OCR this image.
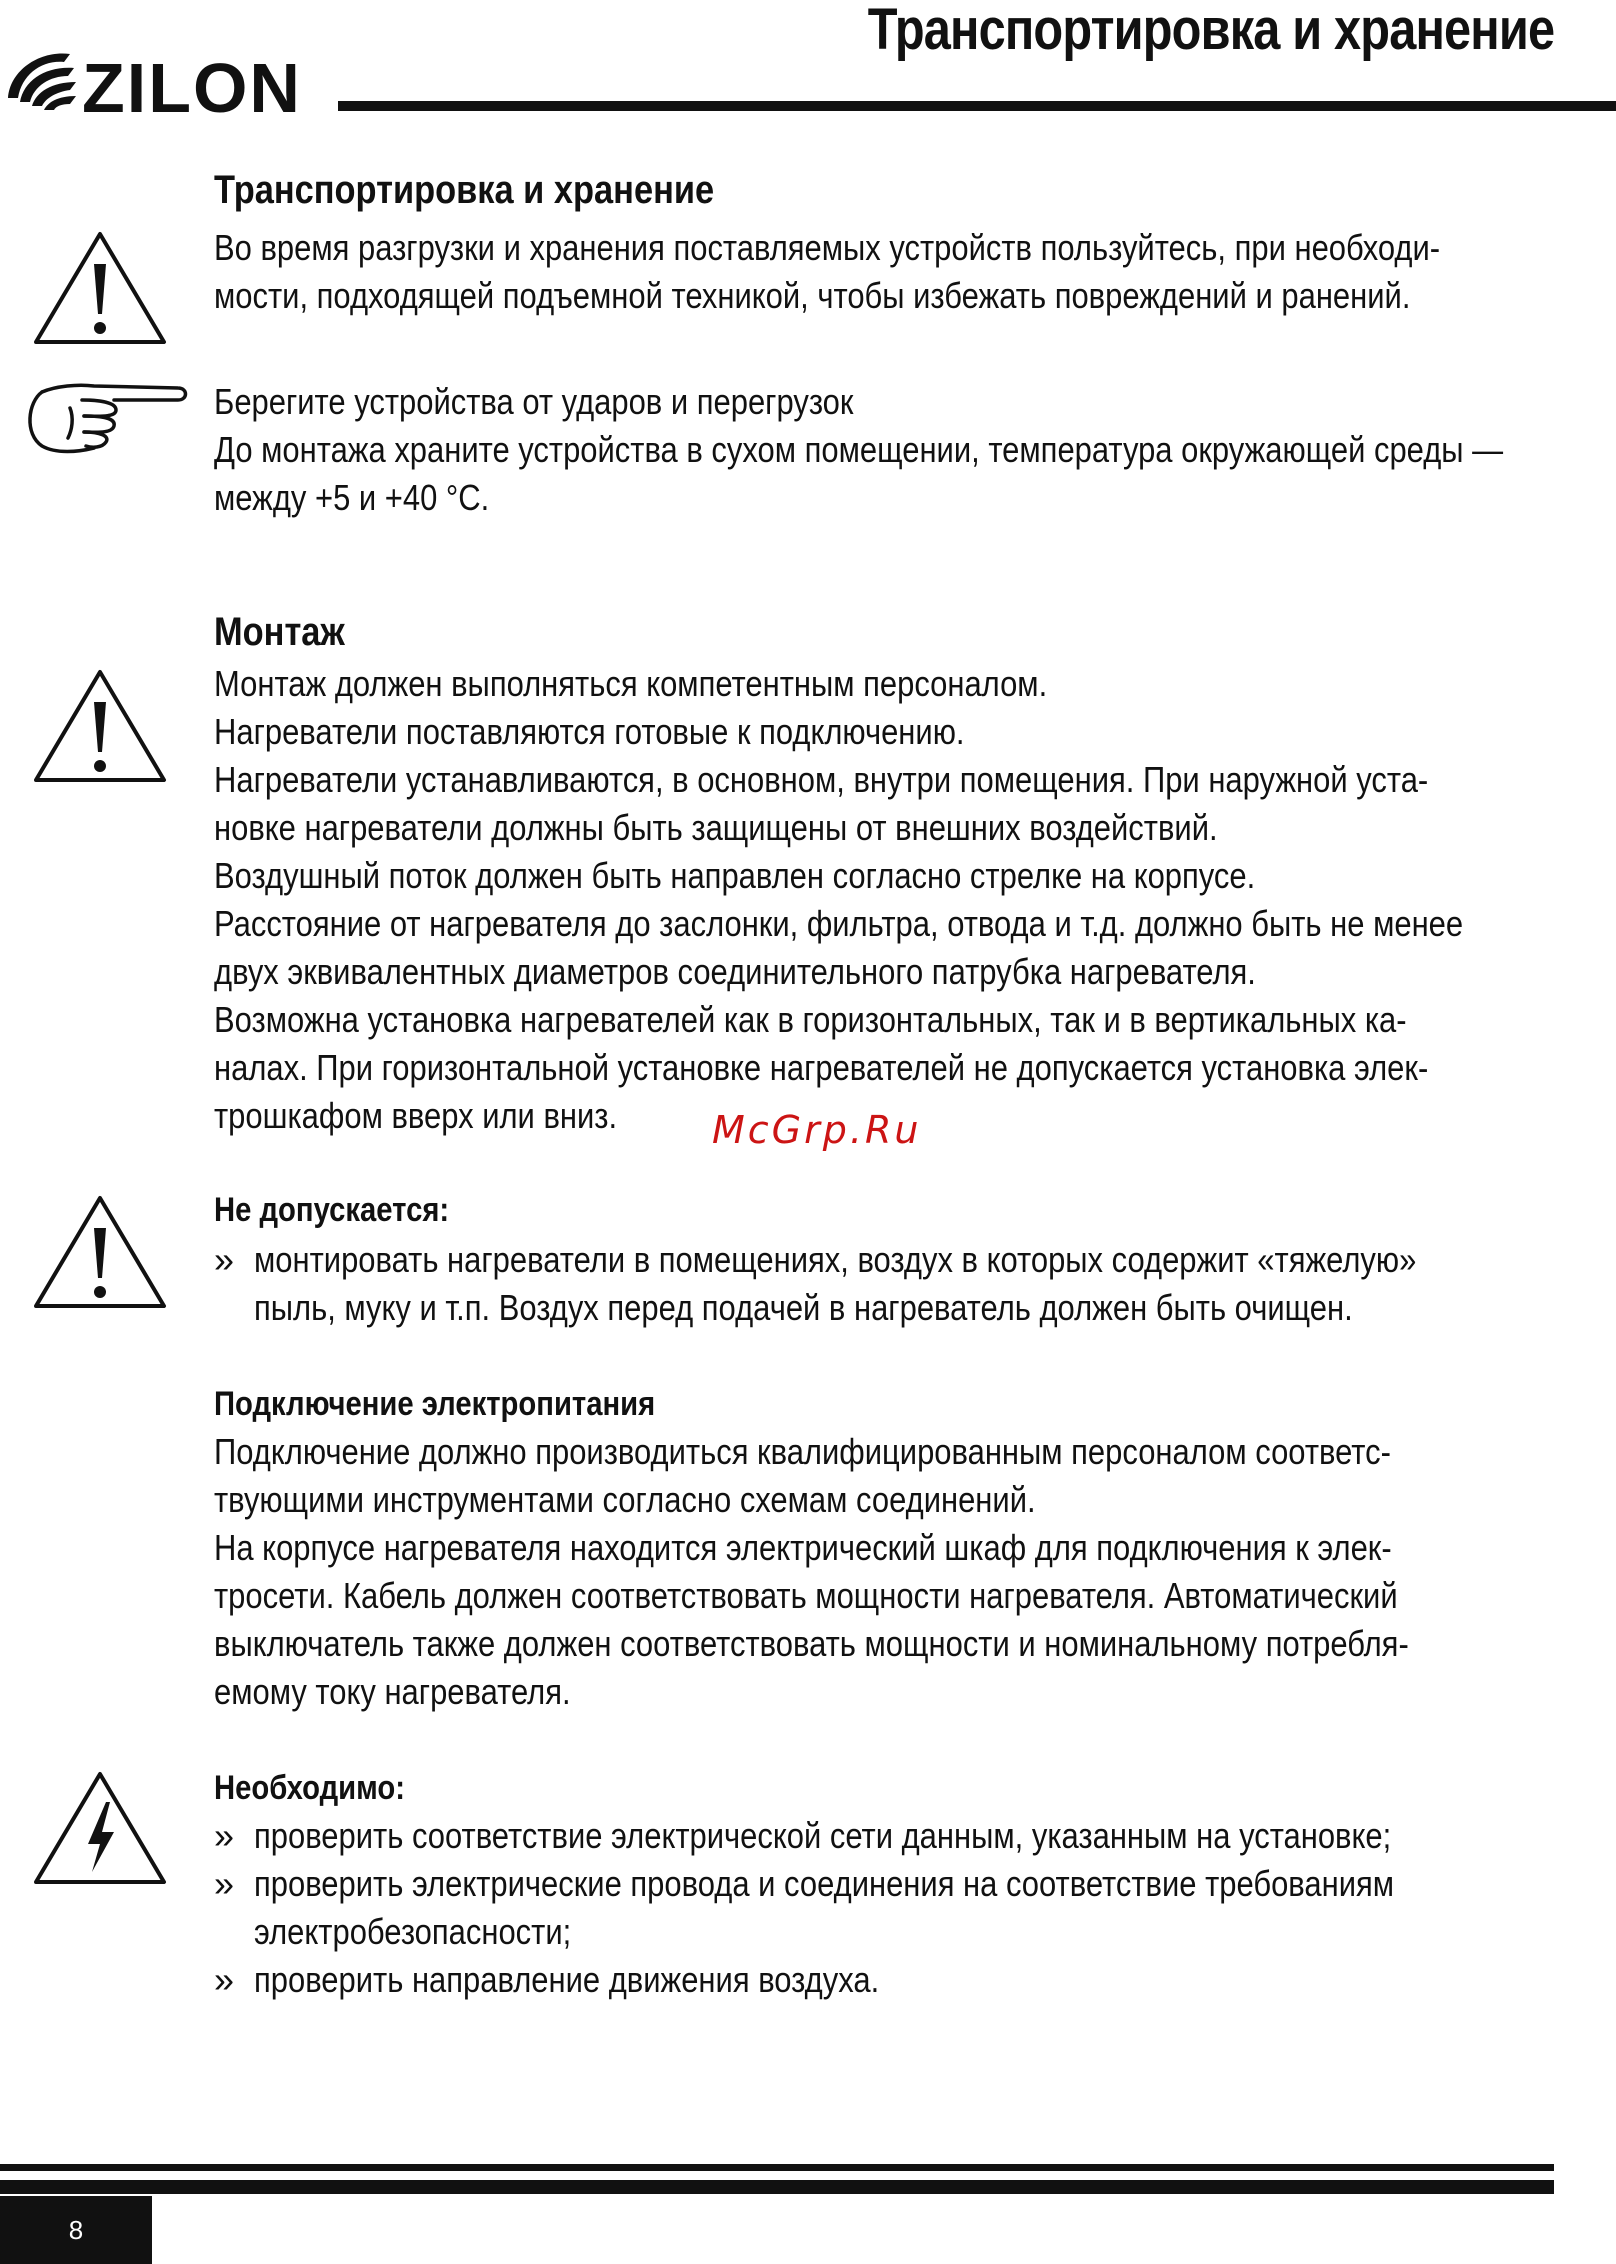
Транспортировка и хранение
ZILON
Транспортировка и хранение
Во время разгрузки и хранения поставляемых устройств пользуйтесь, при необходи-
мости, подходящей подъемной техникой, чтобы избежать повреждений и ранений.
Берегите устройства от ударов и перегрузок
До монтажа храните устройства в сухом помещении, температура окружающей среды —
между +5 и +40 °С.
Монтаж
Монтаж должен выполняться компетентным персоналом.
Нагреватели поставляются готовые к подключению.
Нагреватели устанавливаются, в основном, внутри помещения. При наружной уста-
новке нагреватели должны быть защищены от внешних воздействий.
Воздушный поток должен быть направлен согласно стрелке на корпусе.
Расстояние от нагревателя до заслонки, фильтра, отвода и т.д. должно быть не менее
двух эквивалентных диаметров соединительного патрубка нагревателя.
Возможна установка нагревателей как в горизонтальных, так и в вертикальных ка-
налах. При горизонтальной установке нагревателей не допускается установка элек-
трошкафом вверх или вниз.	McGrp.Ru
Не допускается:
» монтировать нагреватели в помещениях, воздух в которых содержит «тяжелую»
пыль, муку и т.п. Воздух перед подачей в нагреватель должен быть очищен.
Подключение электропитания
Подключение должно производиться квалифицированным персоналом соответс-
твующими инструментами согласно схемам соединений.
На корпусе нагревателя находится электрический шкаф для подключения к элек-
тросети. Кабель должен соответствовать мощности нагревателя. Автоматический
выключатель также должен соответствовать мощности и номинальному потребля-
емому току нагревателя.
Необходимо:
» проверить соответствие электрической сети данным, указанным на установке;
» проверить электрические провода и соединения на соответствие требованиям
электробезопасности;
» проверить направление движения воздуха.
8
